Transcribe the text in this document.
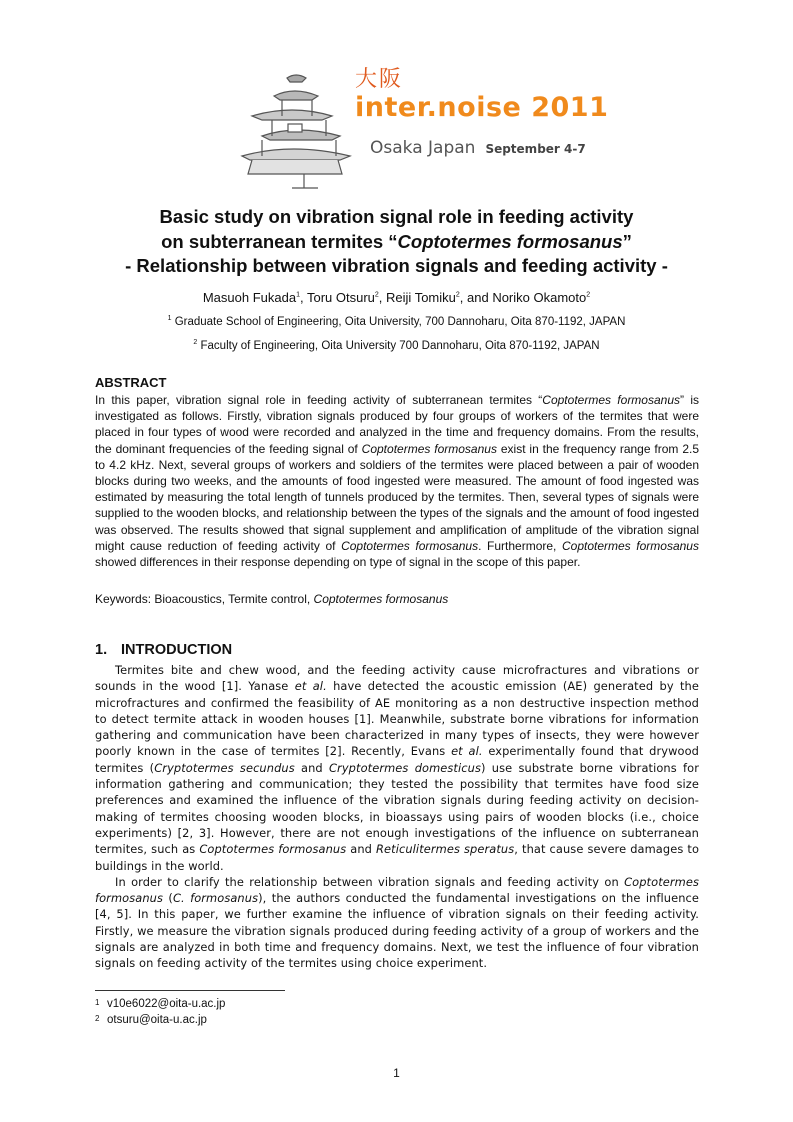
大阪
inter.noise 2011
Osaka Japan September 4-7
Basic study on vibration signal role in feeding activity
on subterranean termites “Coptotermes formosanus”
- Relationship between vibration signals and feeding activity -
Masuoh Fukada$^1$, Toru Otsuru$^2$, Reiji Tomiku$^2$, and Noriko Okamoto$^2$
$^1$ Graduate School of Engineering, Oita University, 700 Dannoharu, Oita 870-1192, JAPAN
$^2$ Faculty of Engineering, Oita University 700 Dannoharu, Oita 870-1192, JAPAN
ABSTRACT
In this paper, vibration signal role in feeding activity of subterranean termites “Coptotermes formosanus” is investigated as follows. Firstly, vibration signals produced by four groups of workers of the termites that were placed in four types of wood were recorded and analyzed in the time and frequency domains. From the results, the dominant frequencies of the feeding signal of Coptotermes formosanus exist in the frequency range from 2.5 to 4.2 kHz. Next, several groups of workers and soldiers of the termites were placed between a pair of wooden blocks during two weeks, and the amounts of food ingested were measured. The amount of food ingested was estimated by measuring the total length of tunnels produced by the termites. Then, several types of signals were supplied to the wooden blocks, and relationship between the types of the signals and the amount of food ingested was observed. The results showed that signal supplement and amplification of amplitude of the vibration signal might cause reduction of feeding activity of Coptotermes formosanus. Furthermore, Coptotermes formosanus showed differences in their response depending on type of signal in the scope of this paper.
Keywords: Bioacoustics, Termite control, Coptotermes formosanus
1. INTRODUCTION

Termites bite and chew wood, and the feeding activity cause microfractures and vibrations or sounds in the wood [1]. Yanase et al. have detected the acoustic emission (AE) generated by the microfractures and confirmed the feasibility of AE monitoring as a non destructive inspection method to detect termite attack in wooden houses [1]. Meanwhile, substrate borne vibrations for information gathering and communication have been characterized in many types of insects, they were however poorly known in the case of termites [2]. Recently, Evans et al. experimentally found that drywood termites (Cryptotermes secundus and Cryptotermes domesticus) use substrate borne vibrations for information gathering and communication; they tested the possibility that termites have food size preferences and examined the influence of the vibration signals during feeding activity on decision-making of termites choosing wooden blocks, in bioassays using pairs of wooden blocks (i.e., choice experiments) [2, 3]. However, there are not enough investigations of the influence on subterranean termites, such as Coptotermes formosanus and Reticulitermes speratus, that cause severe damages to buildings in the world.

In order to clarify the relationship between vibration signals and feeding activity on Coptotermes formosanus (C. formosanus), the authors conducted the fundamental investigations on the influence [4, 5]. In this paper, we further examine the influence of vibration signals on their feeding activity. Firstly, we measure the vibration signals produced during feeding activity of a group of workers and the signals are analyzed in both time and frequency domains. Next, we test the influence of four vibration signals on feeding activity of the termites using choice experiment.

1 v10e6022@oita-u.ac.jp
2 otsuru@oita-u.ac.jp
1
